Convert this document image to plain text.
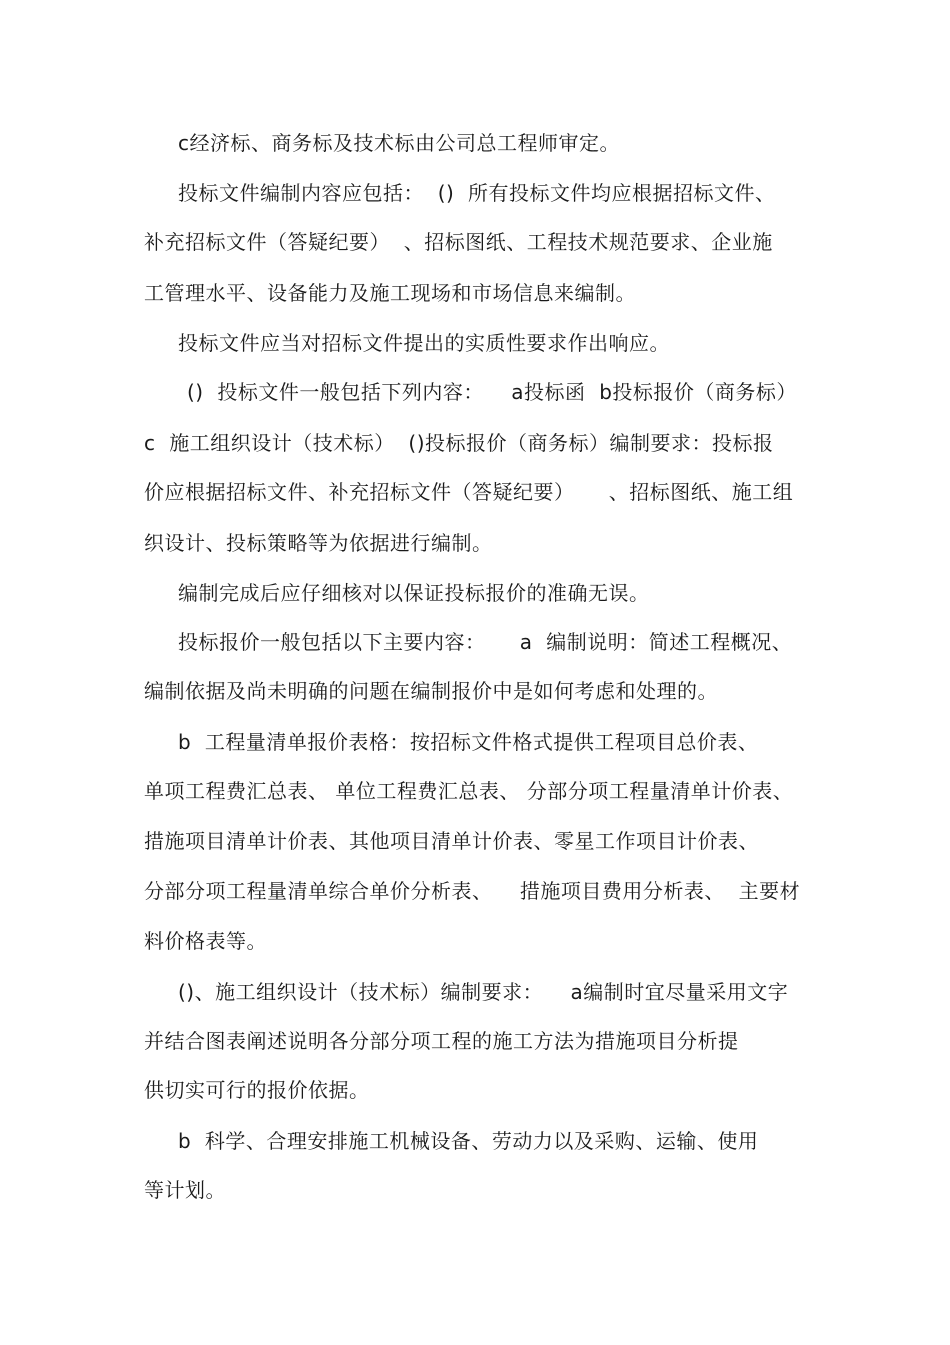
c经济标、商务标及技术标由公司总工程师审定。
投标文件编制内容应包括：  ()  所有投标文件均应根据招标文件、
补充招标文件（答疑纪要）  、招标图纸、工程技术规范要求、企业施
工管理水平、设备能力及施工现场和市场信息来编制。
投标文件应当对招标文件提出的实质性要求作出响应。
()  投标文件一般包括下列内容：    a投标函  b投标报价（商务标）
c  施工组织设计（技术标）  ()投标报价（商务标）编制要求：投标报
价应根据招标文件、补充招标文件（答疑纪要）     、招标图纸、施工组
织设计、投标策略等为依据进行编制。
编制完成后应仔细核对以保证投标报价的准确无误。
投标报价一般包括以下主要内容：     a  编制说明：简述工程概况、
编制依据及尚未明确的问题在编制报价中是如何考虑和处理的。
b  工程量清单报价表格：按招标文件格式提供工程项目总价表、
单项工程费汇总表、 单位工程费汇总表、 分部分项工程量清单计价表、
措施项目清单计价表、其他项目清单计价表、零星工作项目计价表、
分部分项工程量清单综合单价分析表、    措施项目费用分析表、  主要材
料价格表等。
()、施工组织设计（技术标）编制要求：    a编制时宜尽量采用文字
并结合图表阐述说明各分部分项工程的施工方法为措施项目分析提
供切实可行的报价依据。
b  科学、合理安排施工机械设备、劳动力以及采购、运输、使用
等计划。
